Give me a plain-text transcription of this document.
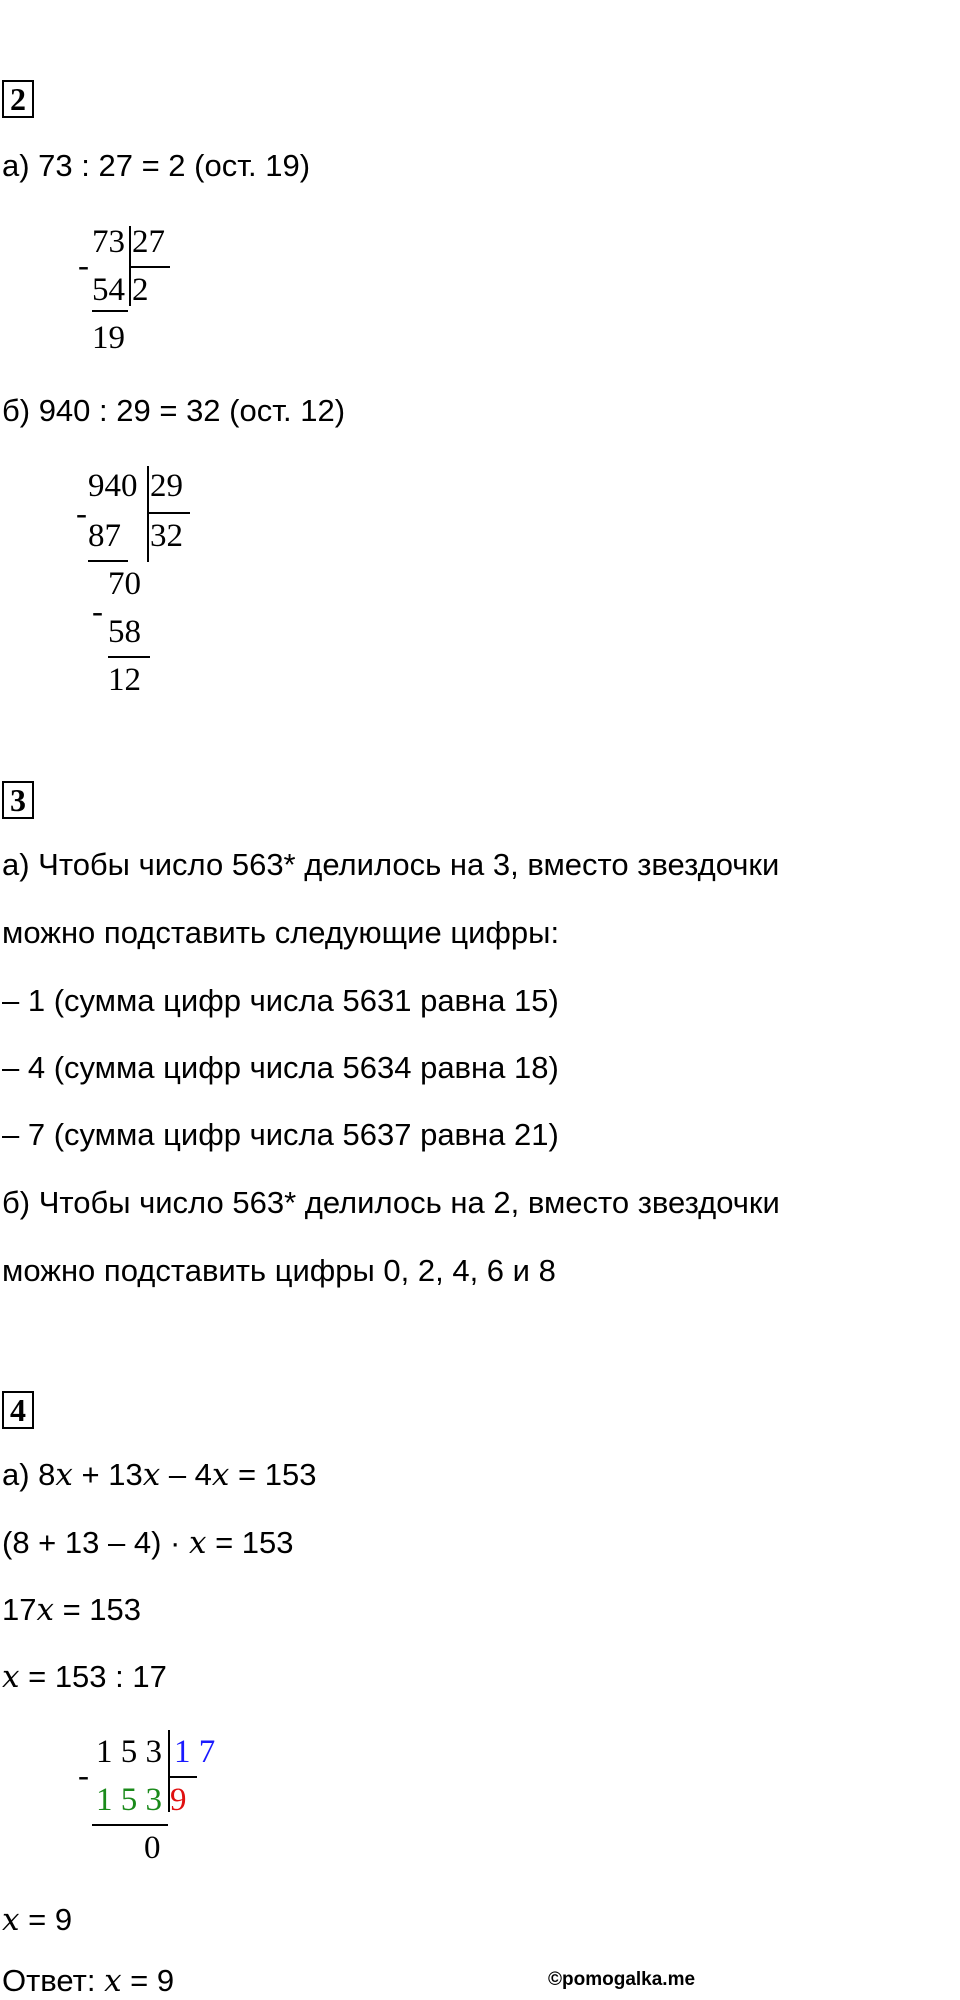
2
а) 73 : 27 = 2 (ост. 19)
73 27
-
54 2
19
б) 940 : 29 = 32 (ост. 12)
940 29
-
87 32
70
-
58
12
3
а) Чтобы число 563* делилось на 3, вместо звездочки
можно подставить следующие цифры:
– 1 (сумма цифр числа 5631 равна 15)
– 4 (сумма цифр числа 5634 равна 18)
– 7 (сумма цифр числа 5637 равна 21)
б) Чтобы число 563* делилось на 2, вместо звездочки
можно подставить цифры 0, 2, 4, 6 и 8
4
а) 8x + 13x – 4x = 153
(8 + 13 – 4) · x = 153
17x = 153
x = 153 : 17
1 5 3 1 7
-
1 5 3 9
0
x = 9
Ответ: x = 9	©pomogalka.me
